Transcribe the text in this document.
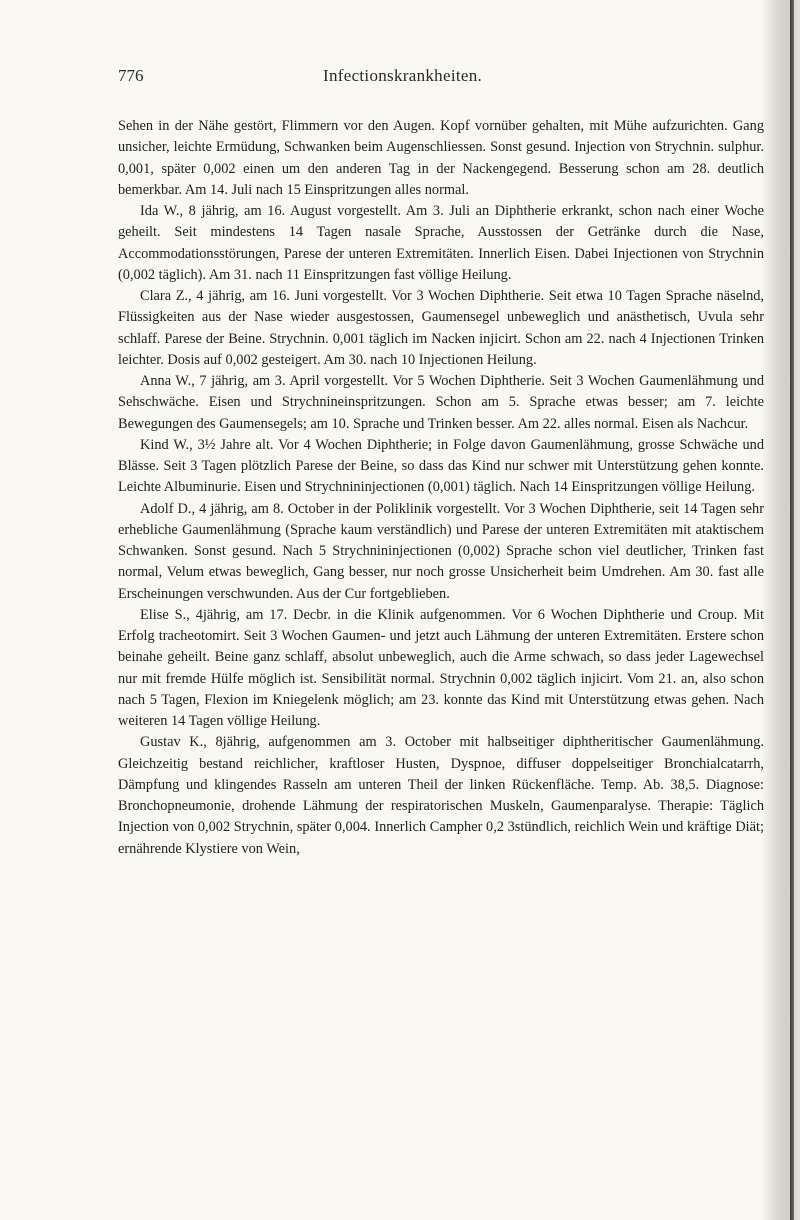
776	Infectionskrankheiten.

Sehen in der Nähe gestört, Flimmern vor den Augen. Kopf vornüber gehalten, mit Mühe aufzurichten. Gang unsicher, leichte Ermüdung, Schwanken beim Augenschliessen. Sonst gesund. Injection von Strychnin. sulphur. 0,001, später 0,002 einen um den anderen Tag in der Nackengegend. Besserung schon am 28. deutlich bemerkbar. Am 14. Juli nach 15 Einspritzungen alles normal.

Ida W., 8 jährig, am 16. August vorgestellt. Am 3. Juli an Diphtherie erkrankt, schon nach einer Woche geheilt. Seit mindestens 14 Tagen nasale Sprache, Ausstossen der Getränke durch die Nase, Accommodationsstörungen, Parese der unteren Extremitäten. Innerlich Eisen. Dabei Injectionen von Strychnin (0,002 täglich). Am 31. nach 11 Einspritzungen fast völlige Heilung.

Clara Z., 4 jährig, am 16. Juni vorgestellt. Vor 3 Wochen Diphtherie. Seit etwa 10 Tagen Sprache näselnd, Flüssigkeiten aus der Nase wieder ausgestossen, Gaumensegel unbeweglich und anästhetisch, Uvula sehr schlaff. Parese der Beine. Strychnin. 0,001 täglich im Nacken injicirt. Schon am 22. nach 4 Injectionen Trinken leichter. Dosis auf 0,002 gesteigert. Am 30. nach 10 Injectionen Heilung.

Anna W., 7 jährig, am 3. April vorgestellt. Vor 5 Wochen Diphtherie. Seit 3 Wochen Gaumenlähmung und Sehschwäche. Eisen und Strychnineinspritzungen. Schon am 5. Sprache etwas besser; am 7. leichte Bewegungen des Gaumensegels; am 10. Sprache und Trinken besser. Am 22. alles normal. Eisen als Nachcur.

Kind W., 3½ Jahre alt. Vor 4 Wochen Diphtherie; in Folge davon Gaumenlähmung, grosse Schwäche und Blässe. Seit 3 Tagen plötzlich Parese der Beine, so dass das Kind nur schwer mit Unterstützung gehen konnte. Leichte Albuminurie. Eisen und Strychnininjectionen (0,001) täglich. Nach 14 Einspritzungen völlige Heilung.

Adolf D., 4 jährig, am 8. October in der Poliklinik vorgestellt. Vor 3 Wochen Diphtherie, seit 14 Tagen sehr erhebliche Gaumenlähmung (Sprache kaum verständlich) und Parese der unteren Extremitäten mit ataktischem Schwanken. Sonst gesund. Nach 5 Strychnininjectionen (0,002) Sprache schon viel deutlicher, Trinken fast normal, Velum etwas beweglich, Gang besser, nur noch grosse Unsicherheit beim Umdrehen. Am 30. fast alle Erscheinungen verschwunden. Aus der Cur fortgeblieben.

Elise S., 4jährig, am 17. Decbr. in die Klinik aufgenommen. Vor 6 Wochen Diphtherie und Croup. Mit Erfolg tracheotomirt. Seit 3 Wochen Gaumen- und jetzt auch Lähmung der unteren Extremitäten. Erstere schon beinahe geheilt. Beine ganz schlaff, absolut unbeweglich, auch die Arme schwach, so dass jeder Lagewechsel nur mit fremde Hülfe möglich ist. Sensibilität normal. Strychnin 0,002 täglich injicirt. Vom 21. an, also schon nach 5 Tagen, Flexion im Kniegelenk möglich; am 23. konnte das Kind mit Unterstützung etwas gehen. Nach weiteren 14 Tagen völlige Heilung.

Gustav K., 8jährig, aufgenommen am 3. October mit halbseitiger diphtheritischer Gaumenlähmung. Gleichzeitig bestand reichlicher, kraftloser Husten, Dyspnoe, diffuser doppelseitiger Bronchialcatarrh, Dämpfung und klingendes Rasseln am unteren Theil der linken Rückenfläche. Temp. Ab. 38,5. Diagnose: Bronchopneumonie, drohende Lähmung der respiratorischen Muskeln, Gaumenparalyse. Therapie: Täglich Injection von 0,002 Strychnin, später 0,004. Innerlich Campher 0,2 3stündlich, reichlich Wein und kräftige Diät; ernährende Klystiere von Wein,
